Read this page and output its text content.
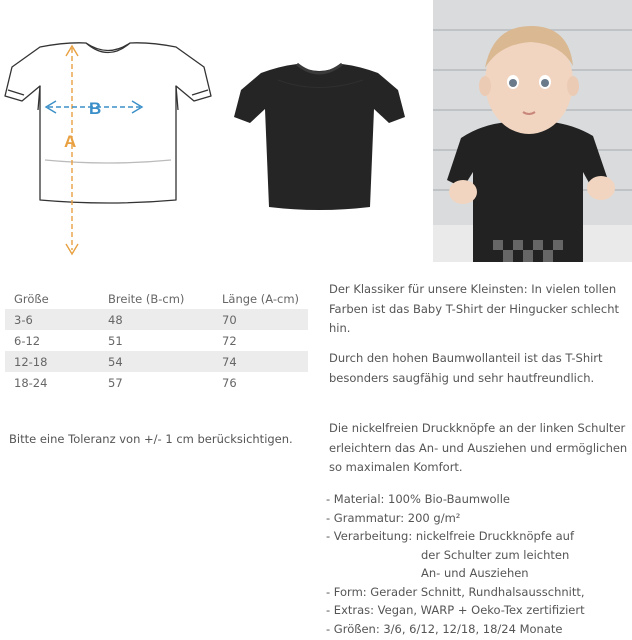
A
B
Größe	Breite (B-cm)	Länge (A-cm)
3-6	48	70
6-12	51	72
12-18	54	74
18-24	57	76
Bitte eine Toleranz von +/- 1 cm berücksichtigen.

Der Klassiker für unsere Kleinsten: In vielen tollen Farben ist das Baby T-Shirt der Hingucker schlecht hin.

Durch den hohen Baumwollanteil ist das T-Shirt besonders saugfähig und sehr hautfreundlich.

Die nickelfreien Druckknöpfe an der linken Schulter erleichtern das An- und Ausziehen und ermöglichen so maximalen Komfort.

- Material: 100% Bio-Baumwolle
- Grammatur: 200 g/m²
- Verarbeitung: nickelfreie Druckknöpfe auf
der Schulter zum leichten
An- und Ausziehen
- Form: Gerader Schnitt, Rundhalsausschnitt,
- Extras: Vegan, WARP + Oeko-Tex zertifiziert
- Größen: 3/6, 6/12, 12/18, 18/24 Monate
